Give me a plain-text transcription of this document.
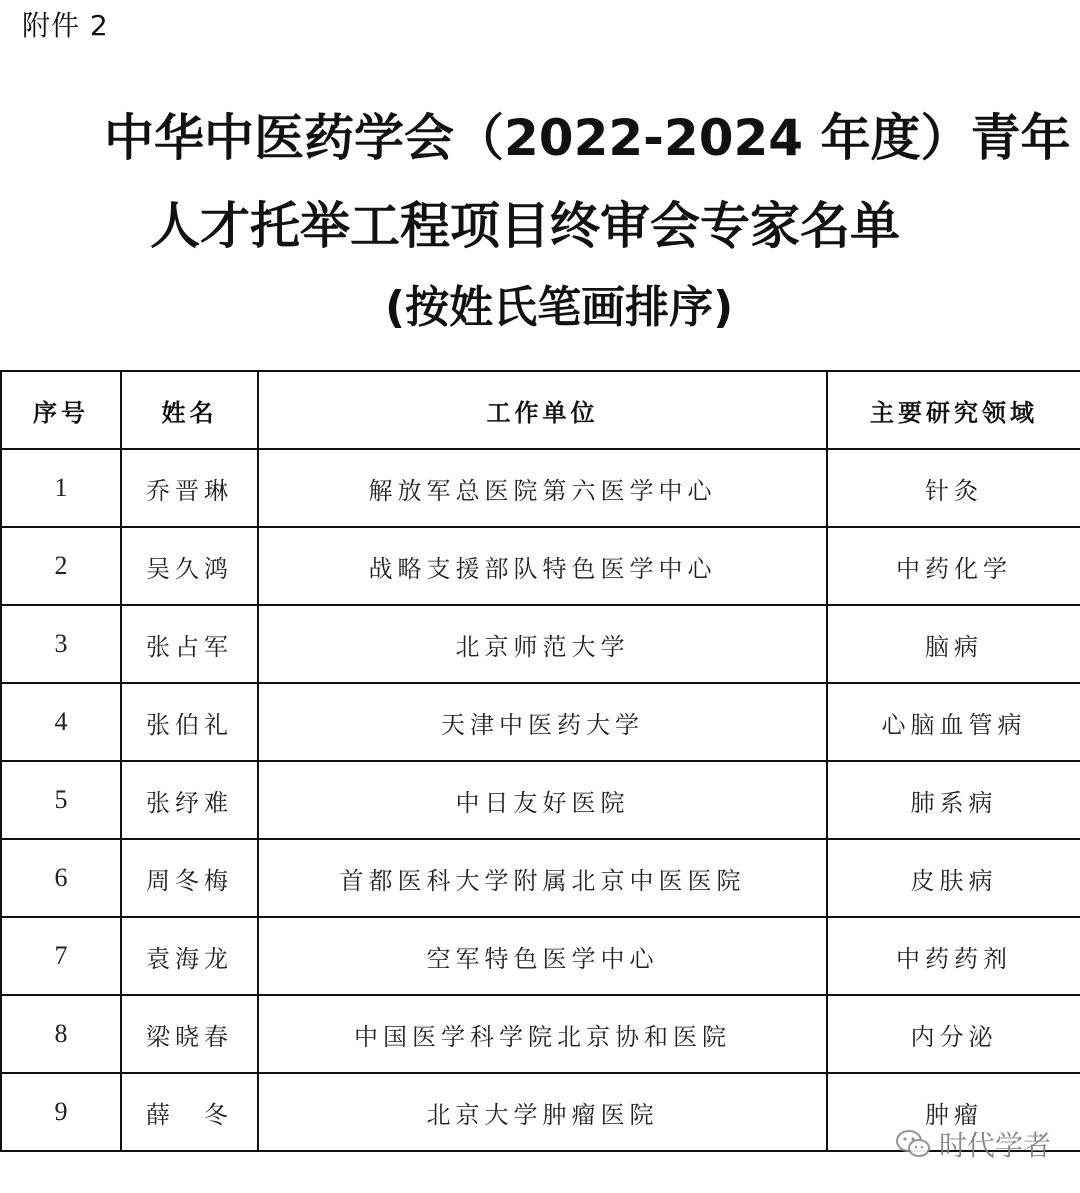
附件 2
中华中医药学会（2022-2024 年度）青年
人才托举工程项目终审会专家名单
(按姓氏笔画排序)
序号	姓名	工作单位	主要研究领域
1	乔晋琳	解放军总医院第六医学中心	针灸
2	吴久鸿	战略支援部队特色医学中心	中药化学
3	张占军	北京师范大学	脑病
4	张伯礼	天津中医药大学	心脑血管病
5	张纾难	中日友好医院	肺系病
6	周冬梅	首都医科大学附属北京中医医院	皮肤病
7	袁海龙	空军特色医学中心	中药药剂
8	梁晓春	中国医学科学院北京协和医院	内分泌
9	薛　冬	北京大学肿瘤医院	肿瘤
时代学者
